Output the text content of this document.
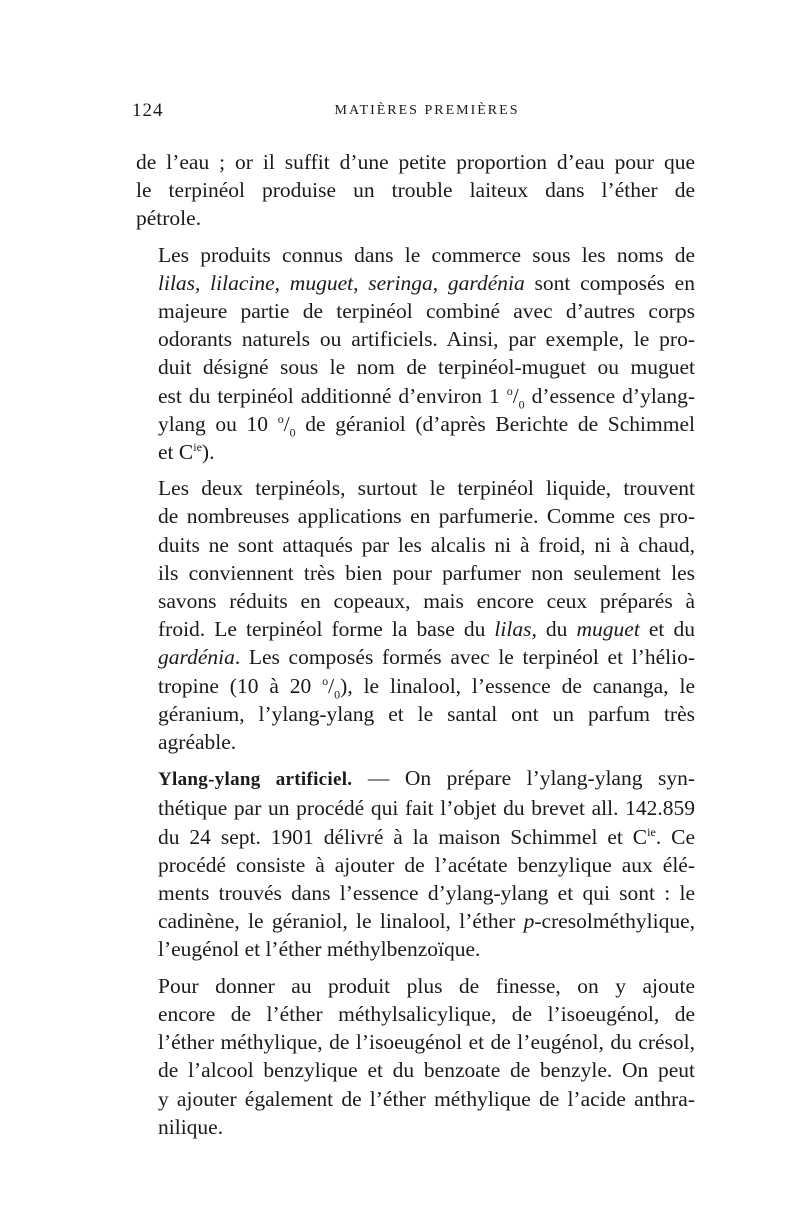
124	MATIÈRES PREMIÈRES

de l’eau ; or il suffit d’une petite proportion d’eau pour que
le terpinéol produise un trouble laiteux dans l’éther de
pétrole.

Les produits connus dans le commerce sous les noms de
lilas, lilacine, muguet, seringa, gardénia sont composés en
majeure partie de terpinéol combiné avec d’autres corps
odorants naturels ou artificiels. Ainsi, par exemple, le pro-
duit désigné sous le nom de terpinéol-muguet ou muguet
est du terpinéol additionné d’environ 1 $^o/_0$ d’essence d’ylang-
ylang ou 10 $^o/_0$ de géraniol (d’après Berichte de Schimmel
et $C^{ie}$).

Les deux terpinéols, surtout le terpinéol liquide, trouvent
de nombreuses applications en parfumerie. Comme ces pro-
duits ne sont attaqués par les alcalis ni à froid, ni à chaud,
ils conviennent très bien pour parfumer non seulement les
savons réduits en copeaux, mais encore ceux préparés à
froid. Le terpinéol forme la base du lilas, du muguet et du
gardénia. Les composés formés avec le terpinéol et l’hélio-
tropine (10 à 20 $^o/_0$), le linalool, l’essence de cananga, le
géranium, l’ylang-ylang et le santal ont un parfum très
agréable.

Ylang-ylang artificiel. — On prépare l’ylang-ylang syn-
thétique par un procédé qui fait l’objet du brevet all. 142.859
du 24 sept. 1901 délivré à la maison Schimmel et $C^{ie}$. Ce
procédé consiste à ajouter de l’acétate benzylique aux élé-
ments trouvés dans l’essence d’ylang-ylang et qui sont : le
cadinène, le géraniol, le linalool, l’éther p-cresolméthylique,
l’eugénol et l’éther méthylbenzoïque.

Pour donner au produit plus de finesse, on y ajoute
encore de l’éther méthylsalicylique, de l’isoeugénol, de
l’éther méthylique, de l’isoeugénol et de l’eugénol, du crésol,
de l’alcool benzylique et du benzoate de benzyle. On peut
y ajouter également de l’éther méthylique de l’acide anthra-
nilique.
